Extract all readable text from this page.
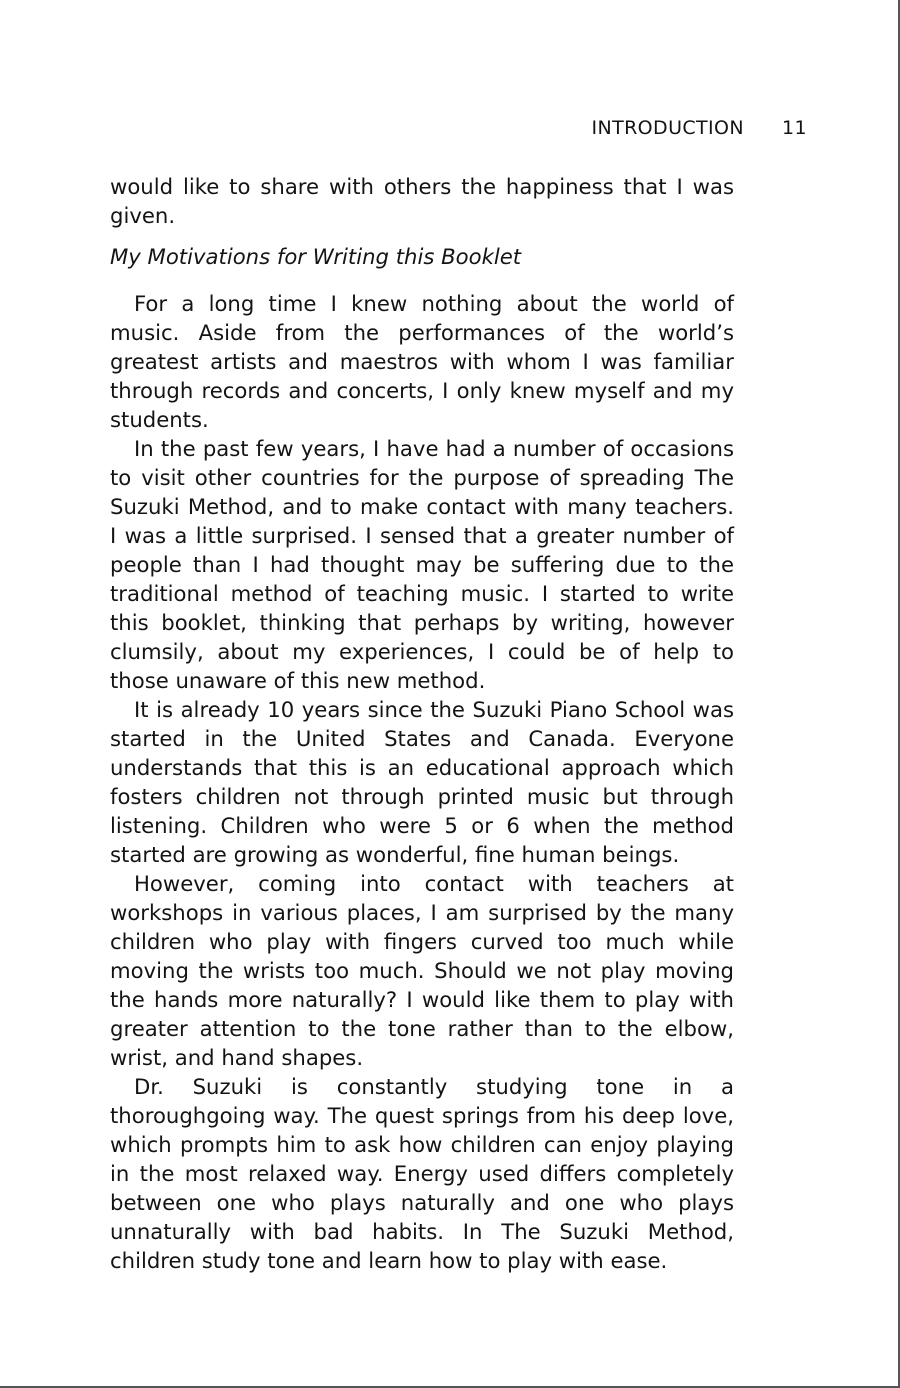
INTRODUCTION 11

would like to share with others the happiness that I was given.

My Motivations for Writing this Booklet

For a long time I knew nothing about the world of music. Aside from the performances of the world’s greatest artists and maestros with whom I was familiar through records and concerts, I only knew myself and my students.

In the past few years, I have had a number of occasions to visit other countries for the purpose of spreading The Suzuki Method, and to make contact with many teachers. I was a little surprised. I sensed that a greater number of people than I had thought may be suffering due to the traditional method of teaching music. I started to write this booklet, thinking that perhaps by writing, however clumsily, about my experiences, I could be of help to those unaware of this new method.

It is already 10 years since the Suzuki Piano School was started in the United States and Canada. Everyone understands that this is an educational approach which fosters children not through printed music but through listening. Children who were 5 or 6 when the method started are growing as wonderful, fine human beings.

However, coming into contact with teachers at workshops in various places, I am surprised by the many children who play with fingers curved too much while moving the wrists too much. Should we not play moving the hands more naturally? I would like them to play with greater attention to the tone rather than to the elbow, wrist, and hand shapes.

Dr. Suzuki is constantly studying tone in a thoroughgoing way. The quest springs from his deep love, which prompts him to ask how children can enjoy playing in the most relaxed way. Energy used differs completely between one who plays naturally and one who plays unnaturally with bad habits. In The Suzuki Method, children study tone and learn how to play with ease.
